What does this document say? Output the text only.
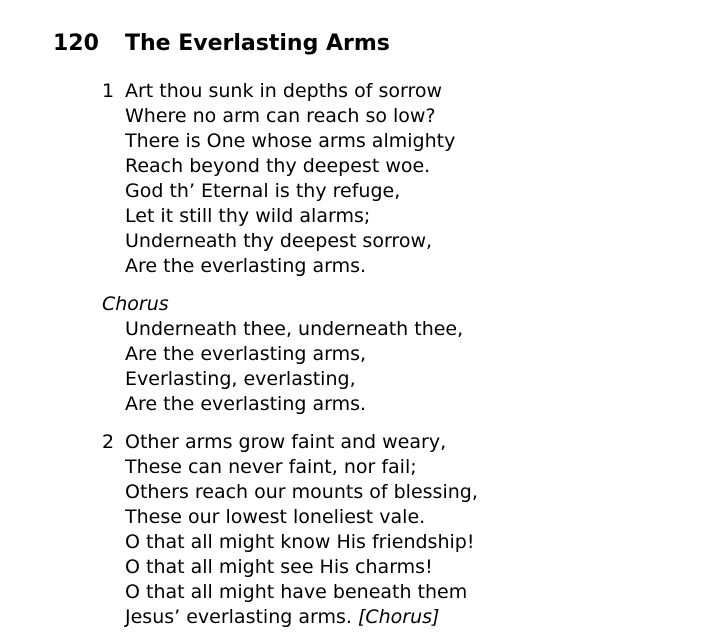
120 The Everlasting Arms
1 Art thou sunk in depths of sorrow
Where no arm can reach so low?
There is One whose arms almighty
Reach beyond thy deepest woe.
God th’ Eternal is thy refuge,
Let it still thy wild alarms;
Underneath thy deepest sorrow,
Are the everlasting arms.
Chorus
Underneath thee, underneath thee,
Are the everlasting arms,
Everlasting, everlasting,
Are the everlasting arms.
2 Other arms grow faint and weary,
These can never faint, nor fail;
Others reach our mounts of blessing,
These our lowest loneliest vale.
O that all might know His friendship!
O that all might see His charms!
O that all might have beneath them
Jesus’ everlasting arms. [Chorus]
